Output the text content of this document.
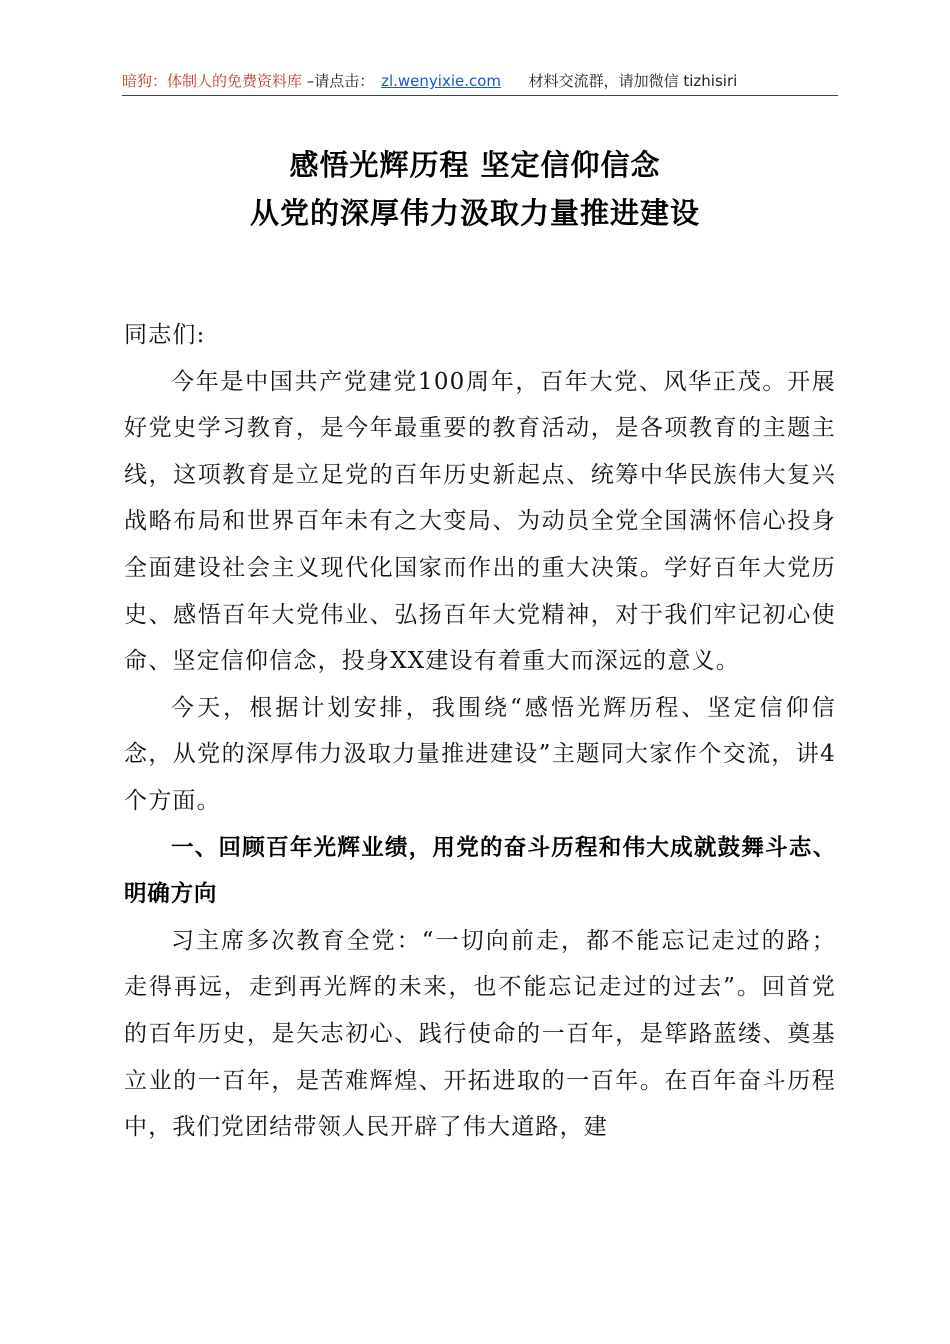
暗狗：体制人的免费资料库 –请点击： zl.wenyixie.com 材料交流群，请加微信 tizhisiri
感悟光辉历程 坚定信仰信念
从党的深厚伟力汲取力量推进建设

同志们:

今年是中国共产党建党100周年，百年大党、风华正茂。开展好党史学习教育，是今年最重要的教育活动，是各项教育的主题主线，这项教育是立足党的百年历史新起点、统筹中华民族伟大复兴战略布局和世界百年未有之大变局、为动员全党全国满怀信心投身全面建设社会主义现代化国家而作出的重大决策。学好百年大党历史、感悟百年大党伟业、弘扬百年大党精神，对于我们牢记初心使命、坚定信仰信念，投身XX建设有着重大而深远的意义。

今天，根据计划安排，我围绕“感悟光辉历程、坚定信仰信念，从党的深厚伟力汲取力量推进建设”主题同大家作个交流，讲4个方面。

一、回顾百年光辉业绩，用党的奋斗历程和伟大成就鼓舞斗志、明确方向

习主席多次教育全党：“一切向前走，都不能忘记走过的路；走得再远，走到再光辉的未来，也不能忘记走过的过去”。回首党的百年历史，是矢志初心、践行使命的一百年，是筚路蓝缕、奠基立业的一百年，是苦难辉煌、开拓进取的一百年。在百年奋斗历程中，我们党团结带领人民开辟了伟大道路，建
